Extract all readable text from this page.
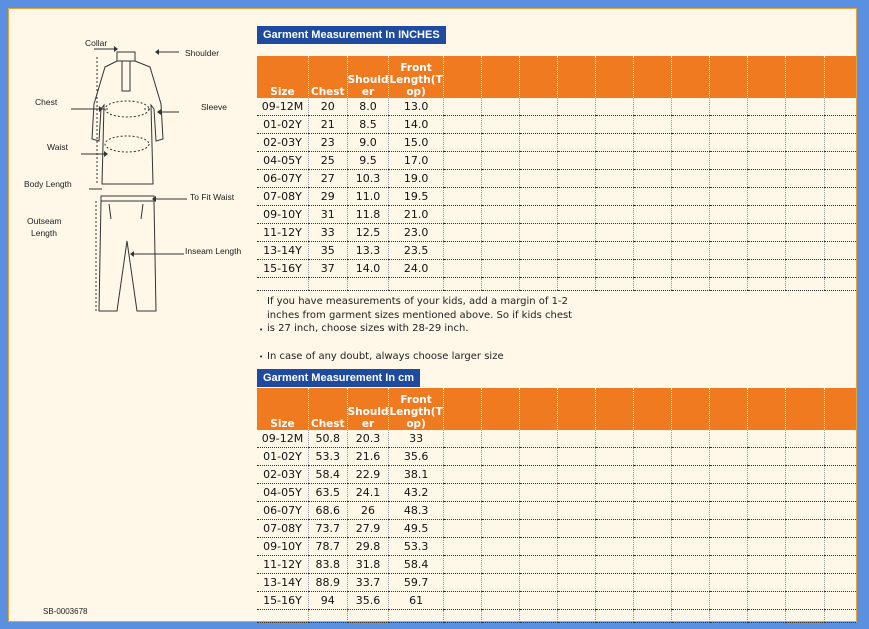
Collar
Shoulder
Chest	Sleeve
Waist
Body Length
To Fit Waist
Outseam
Length
Inseam Length
Garment Measurement In INCHES
Size	Chest	Should er	Front Length(T op)											
09-12M	20	8.0	13.0											
01-02Y	21	8.5	14.0											
02-03Y	23	9.0	15.0											
04-05Y	25	9.5	17.0											
06-07Y	27	10.3	19.0											
07-08Y	29	11.0	19.5											
09-10Y	31	11.8	21.0											
11-12Y	33	12.5	23.0											
13-14Y	35	13.3	23.5											
15-16Y	37	14.0	24.0											

If you have measurements of your kids, add a margin of 1-2
inches from garment sizes mentioned above. So if kids chest
is 27 inch, choose sizes with 28-29 inch.
•
In case of any doubt, always choose larger size
•
Garment Measurement In cm
Size	Chest	Should er	Front Length(T op)											
09-12M	50.8	20.3	33											
01-02Y	53.3	21.6	35.6											
02-03Y	58.4	22.9	38.1											
04-05Y	63.5	24.1	43.2											
06-07Y	68.6	26	48.3											
07-08Y	73.7	27.9	49.5											
09-10Y	78.7	29.8	53.3											
11-12Y	83.8	31.8	58.4											
13-14Y	88.9	33.7	59.7											
15-16Y	94	35.6	61											

SB-0003678
